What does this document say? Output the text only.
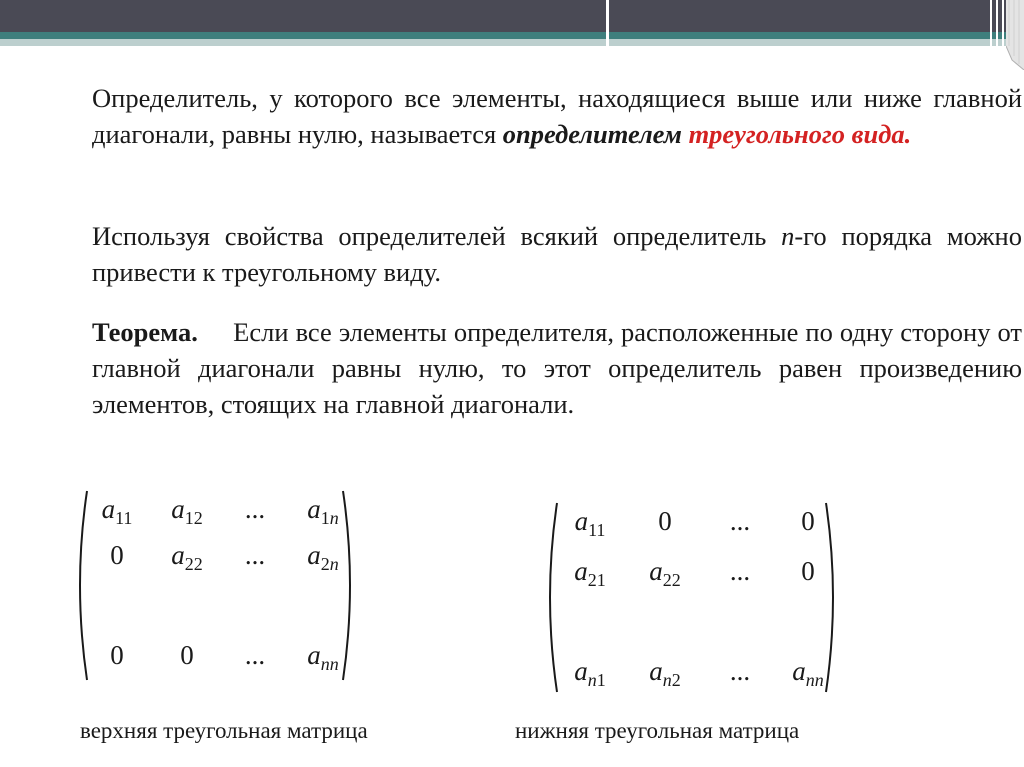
Определитель, у которого все элементы, находящиеся выше или ниже главной диагонали, равны нулю, называется определителем треугольного вида.
Используя свойства определителей всякий определитель n-го порядка можно привести к треугольному виду.
Теорема. Если все элементы определителя, расположенные по одну сторону от главной диагонали равны нулю, то этот определитель равен произведению элементов, стоящих на главной диагонали.
$a_{11}$	$a_{12}$	...	$a_{1n}$
0	$a_{22}$	...	$a_{2n}$
0	0	...	$a_{nn}$
верхняя треугольная матрица
$a_{11}$	0	...	0
$a_{21}$	$a_{22}$	...	0
$a_{n1}$	$a_{n2}$	...	$a_{nn}$
нижняя треугольная матрица
